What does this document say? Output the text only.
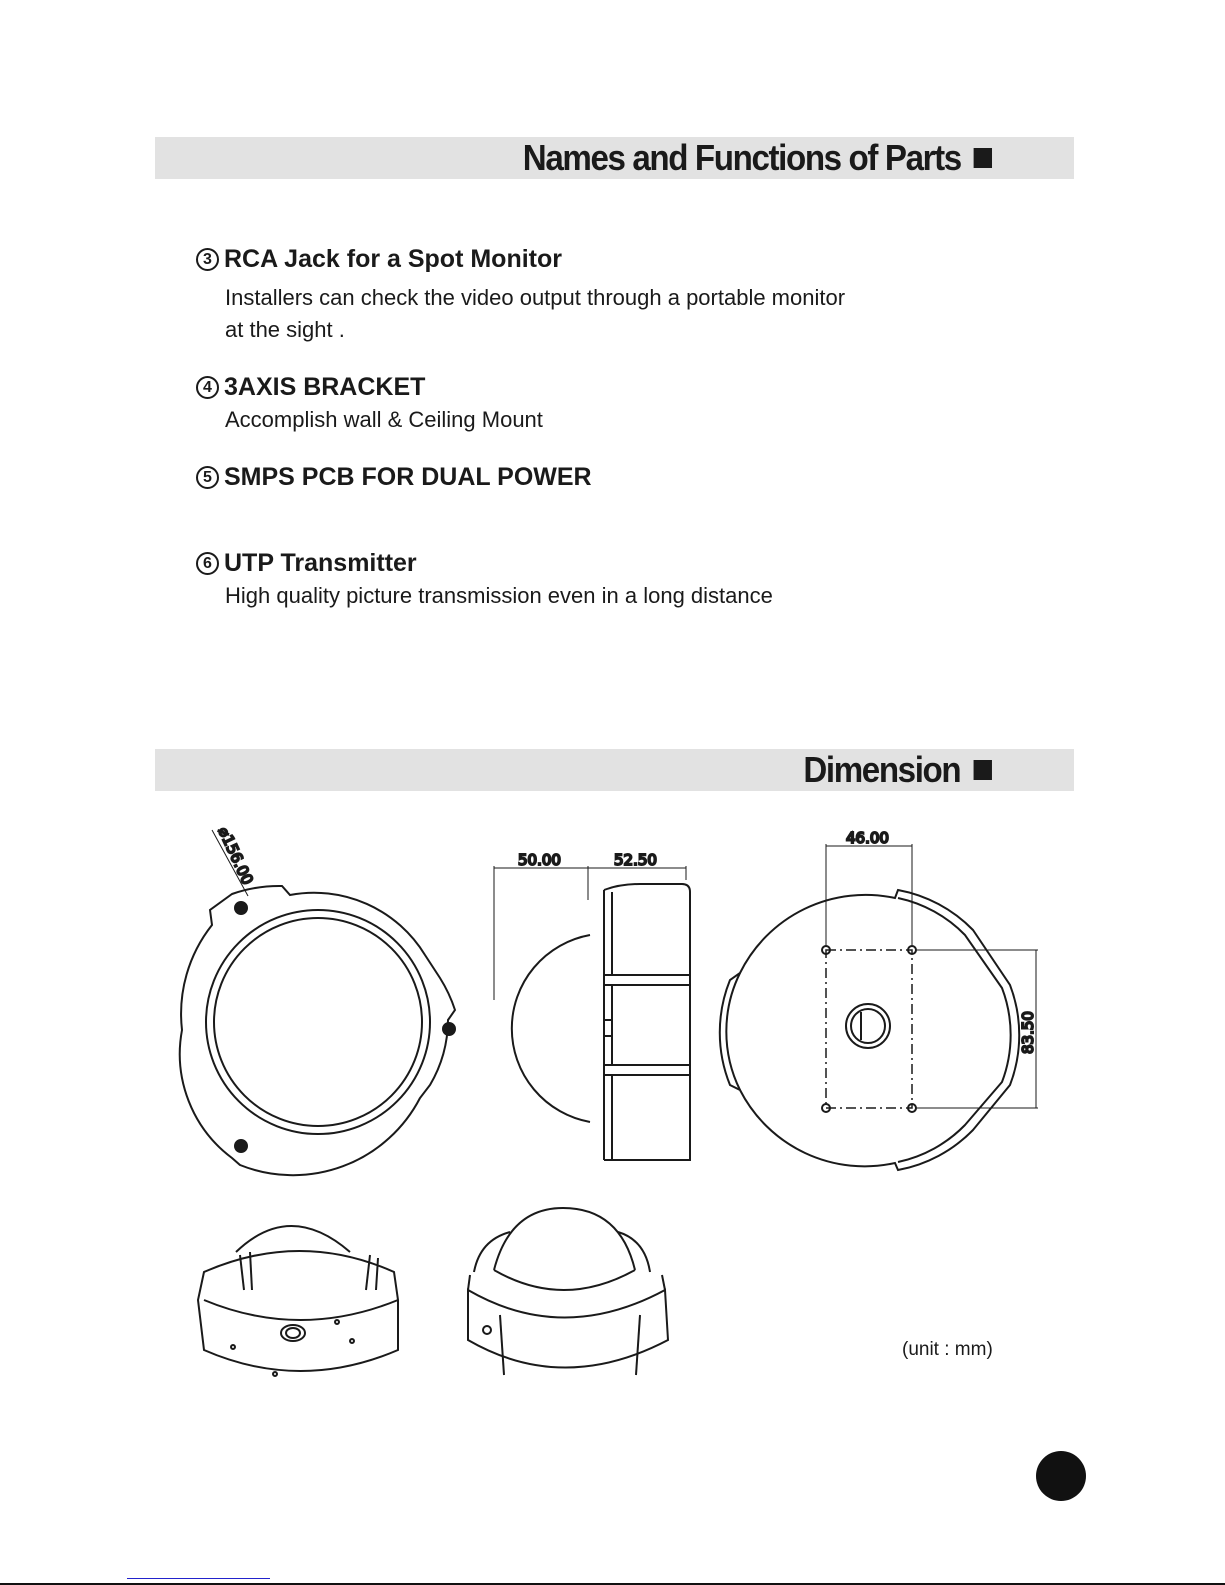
Names and Functions of Parts
3 RCA Jack for a Spot Monitor
Installers can check the video output through a portable monitor at the sight .
4 3AXIS BRACKET
Accomplish wall & Ceiling Mount
5 SMPS PCB FOR DUAL POWER
6 UTP Transmitter
High quality picture transmission even in a long distance
Dimension
⌀156.00	50.00	52.50
46.00
83.50
(unit : mm)
